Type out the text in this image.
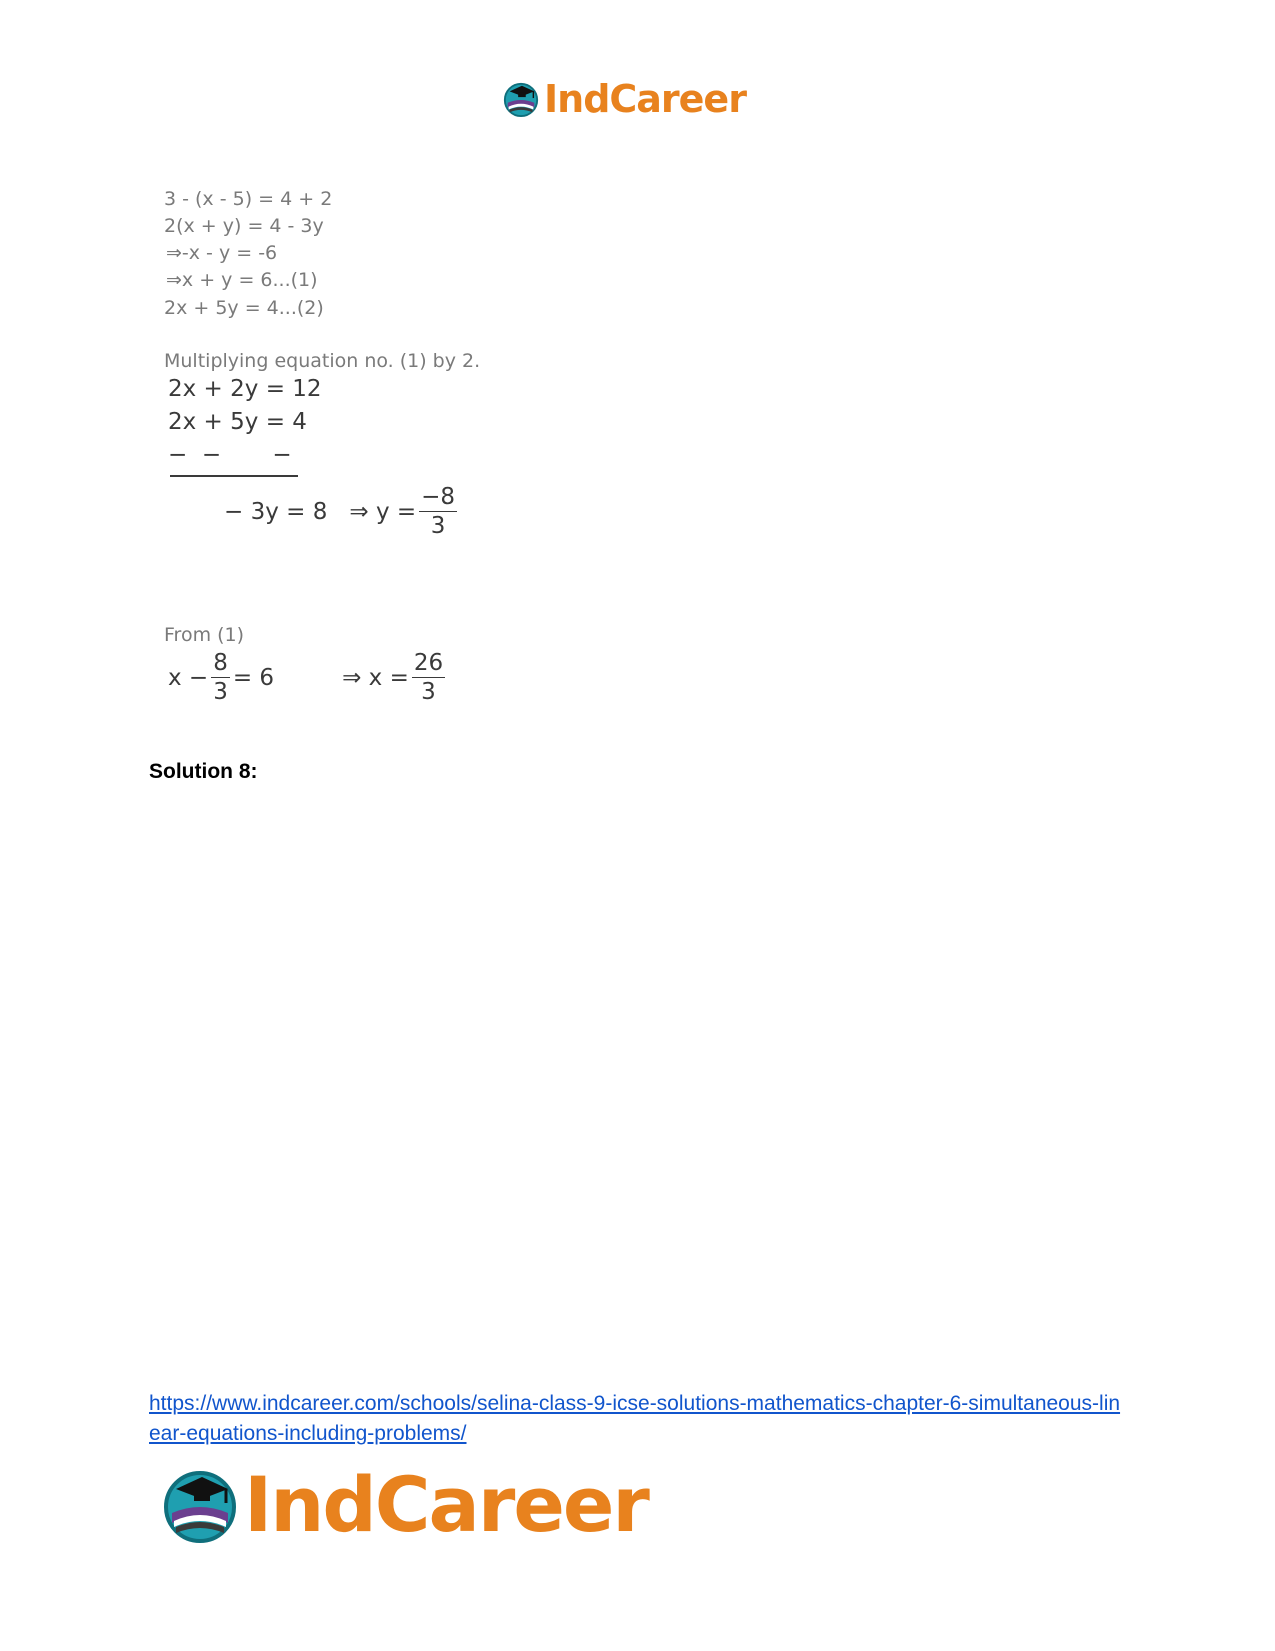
IndCareer
3 - (x - 5) = 4 + 2
2(x + y) = 4 - 3y
⇒-x - y = -6
⇒x + y = 6...(1)
2x + 5y = 4...(2)
Multiplying equation no. (1) by 2.
2x + 2y = 12
2x + 5y = 4
−  −       −
− 3y = 8 ⇒ $y = \frac{-8}{3}$
From (1)
$x - \frac{8}{3} = 6$	⇒ $x = \frac{26}{3}$
Solution 8:
https://www.indcareer.com/schools/selina-class-9-icse-solutions-mathematics-chapter-6-simultaneous-linear-equations-including-problems/
IndCareer
